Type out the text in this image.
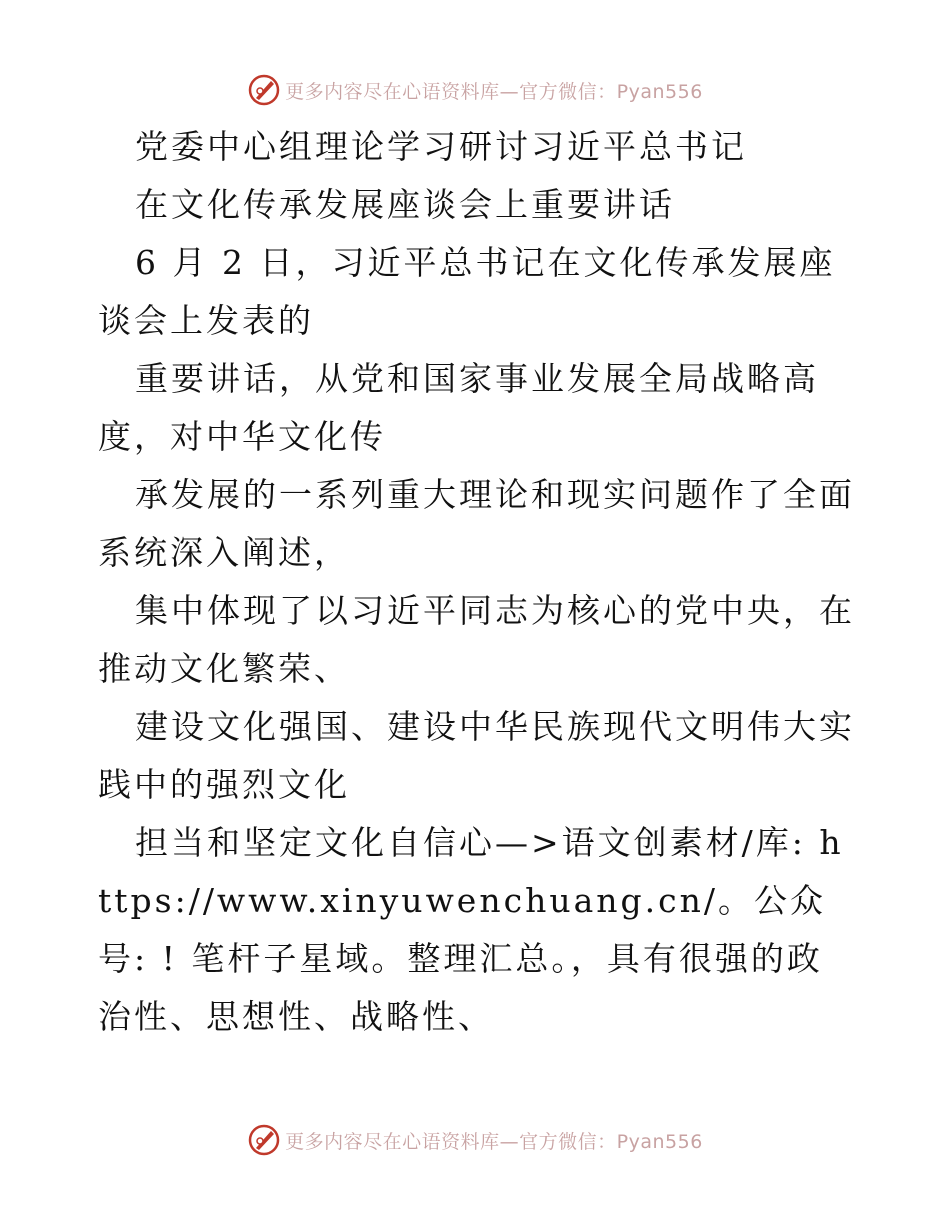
更多内容尽在心语资料库—官方微信：Pyan556

党委中心组理论学习研讨习近平总书记

在文化传承发展座谈会上重要讲话

6 月 2 日，习近平总书记在文化传承发展座谈会上发表的

重要讲话，从党和国家事业发展全局战略高度，对中华文化传

承发展的一系列重大理论和现实问题作了全面系统深入阐述，

集中体现了以习近平同志为核心的党中央，在推动文化繁荣、

建设文化强国、建设中华民族现代文明伟大实践中的强烈文化

担当和坚定文化自信心—>语文创素材/库: https://www.xinyuwenchuang.cn/。公众号: ! 笔杆子星域。整理汇总。，具有很强的政治性、思想性、战略性、

更多内容尽在心语资料库—官方微信：Pyan556
